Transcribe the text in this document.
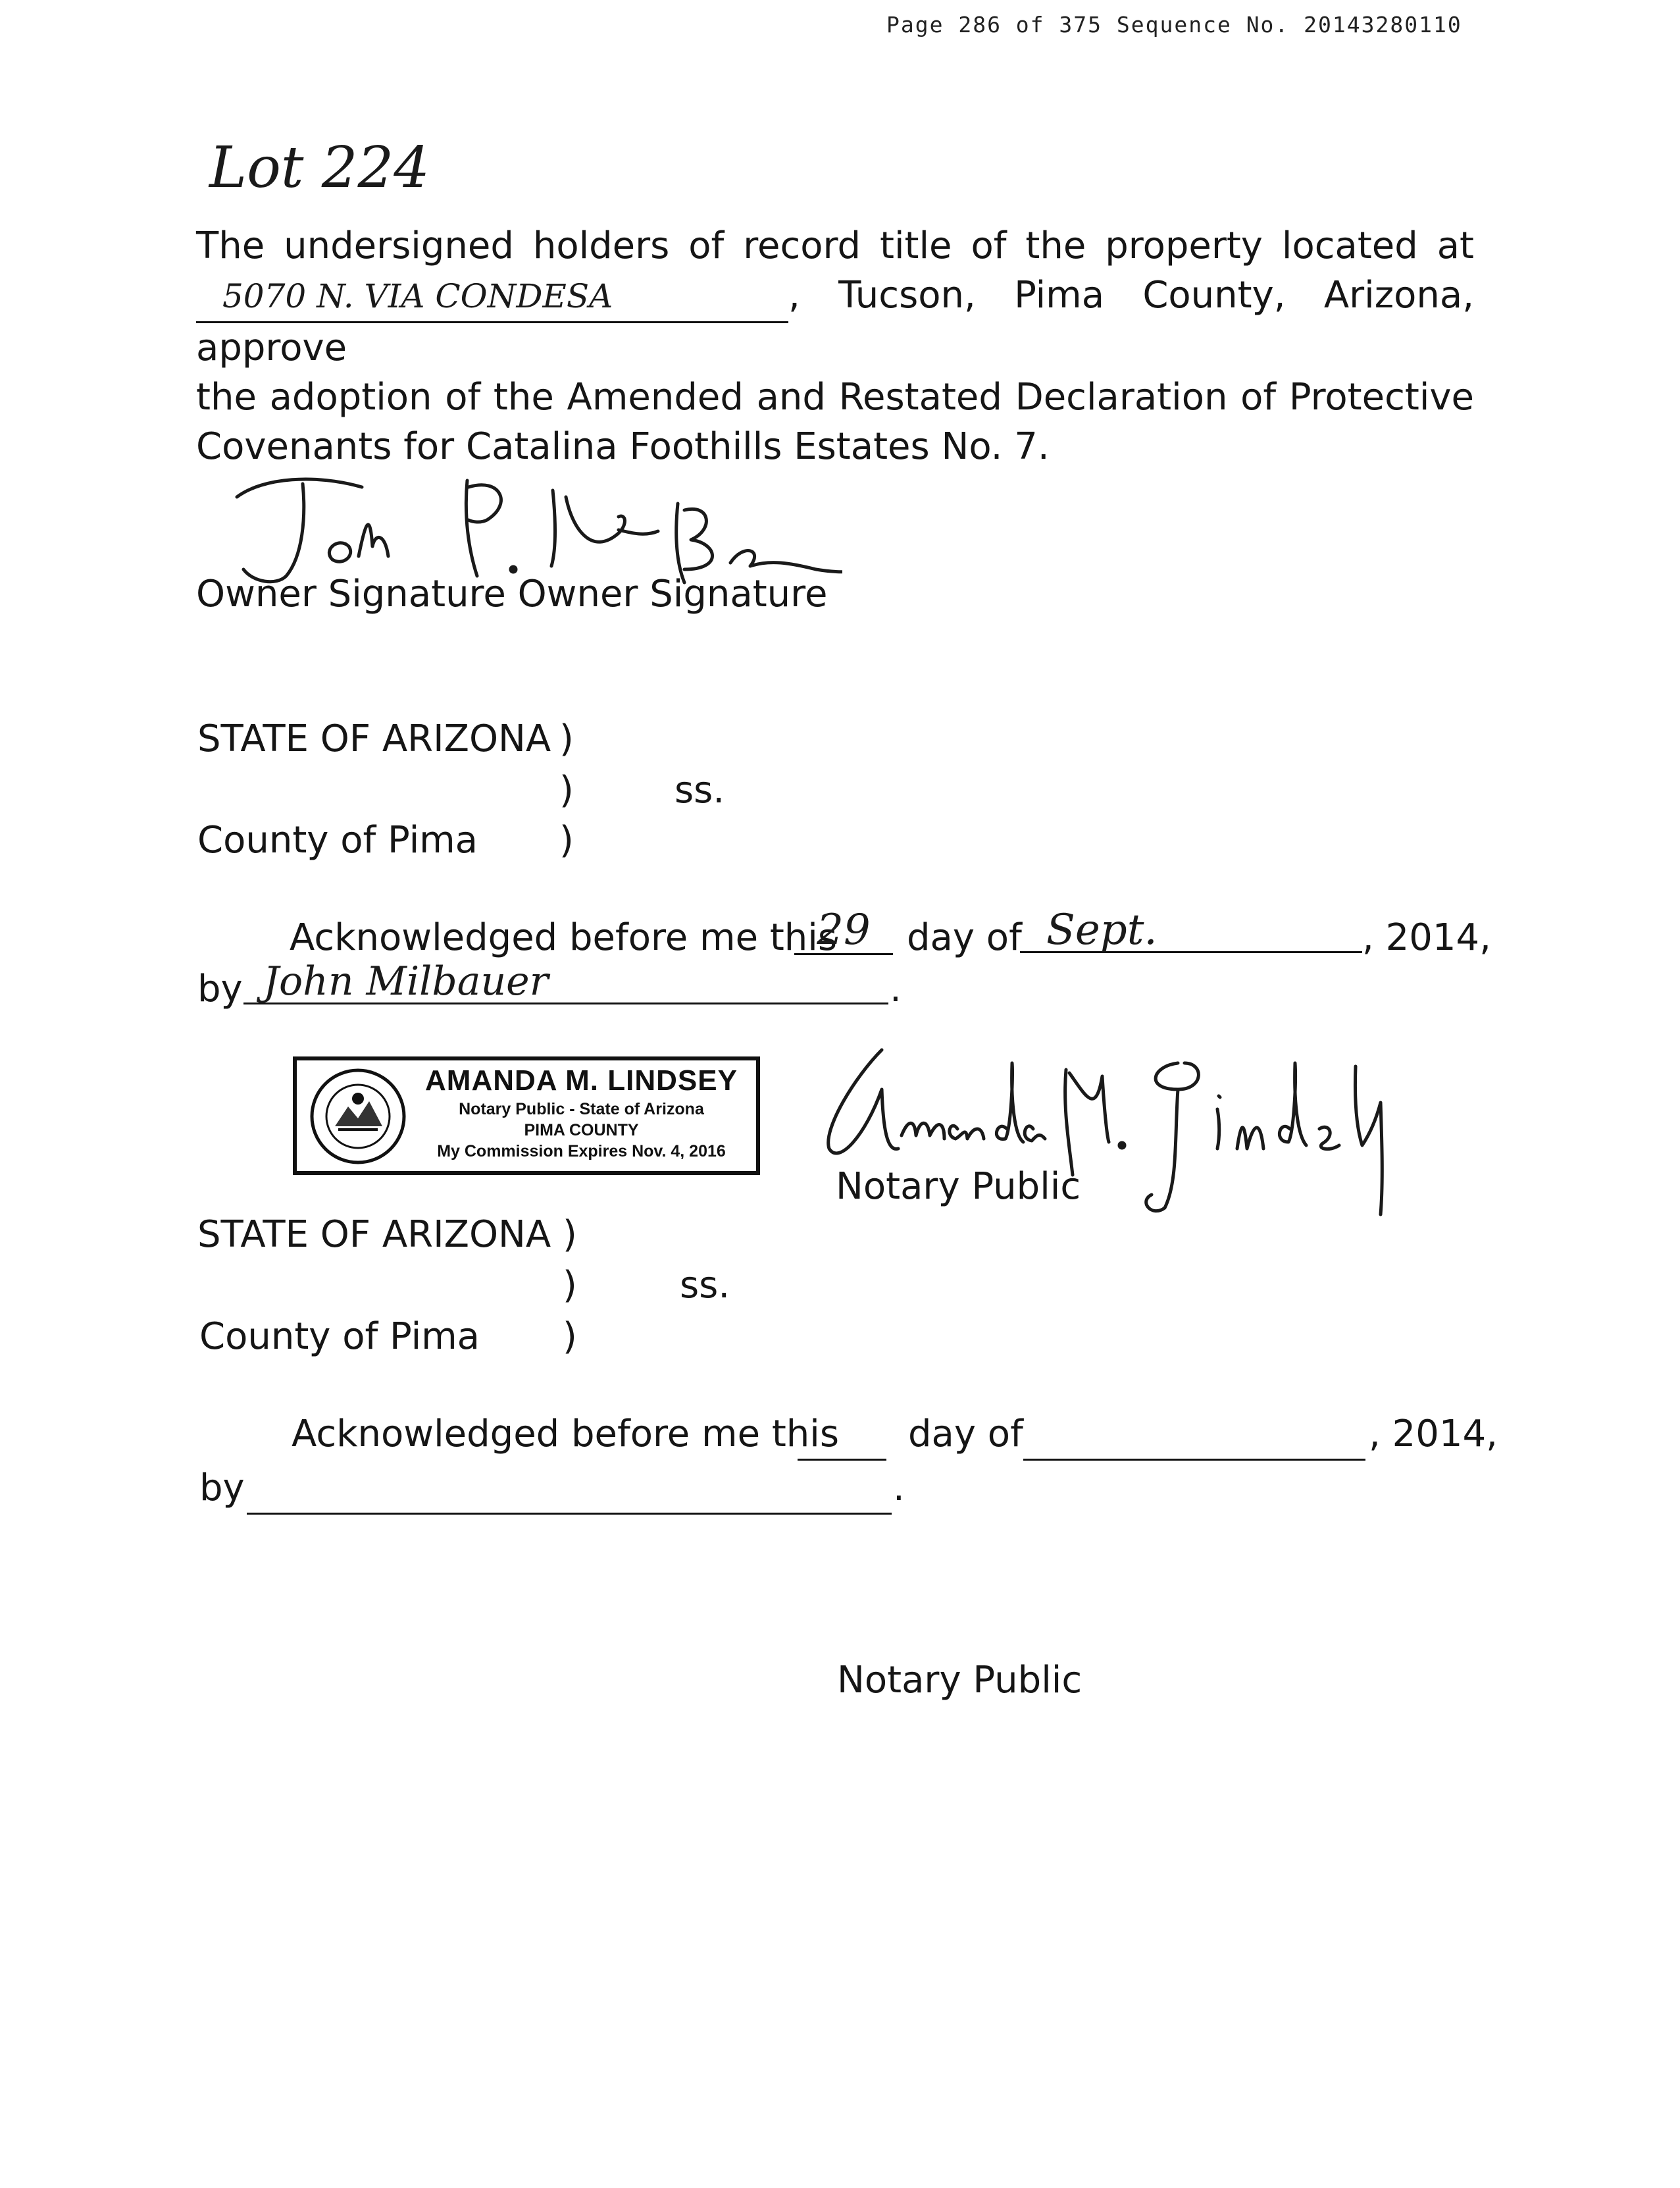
Page 286 of 375 Sequence No. 20143280110
Lot 224
The undersigned holders of record title of the property located at
5070 N. VIA CONDESA	, Tucson, Pima County, Arizona, approve
the adoption of the Amended and Restated Declaration of Protective
Covenants for Catalina Foothills Estates No. 7.
Owner Signature Owner Signature
STATE OF ARIZONA )
)	ss.
County of Pima )
Acknowledged before me this
29 day of Sept.	, 2014,
by John Milbauer	.
AMANDA M. LINDSEY
Notary Public - State of Arizona
PIMA COUNTY
My Commission Expires Nov. 4, 2016
Notary Public
STATE OF ARIZONA )
)	ss.
County of Pima )
Acknowledged before me this day of	, 2014,
by	.
Notary Public
